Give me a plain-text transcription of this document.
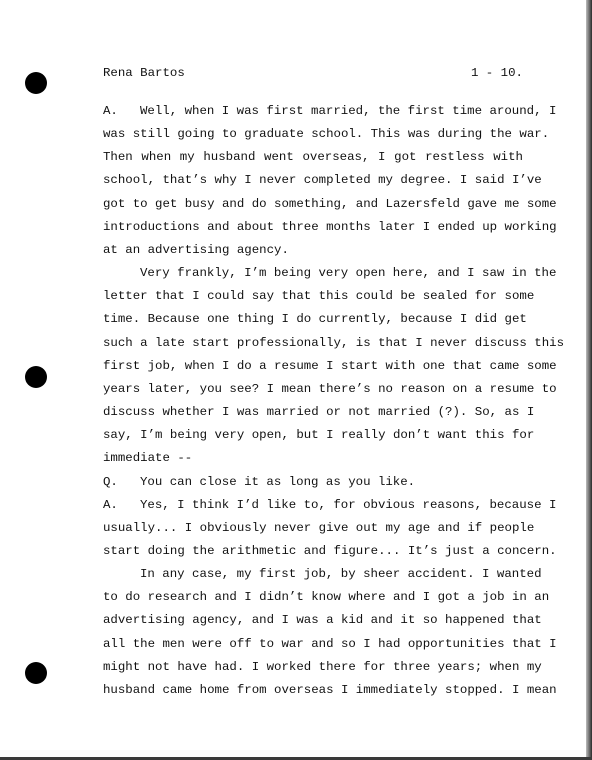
Rena Bartos	1 - 10.
A. Well, when I was first married, the first time around, I
was still going to graduate school. This was during the war.
Then when my husband went overseas, I got restless with
school, that’s why I never completed my degree. I said I’ve
got to get busy and do something, and Lazersfeld gave me some
introductions and about three months later I ended up working
at an advertising agency.
Very frankly, I’m being very open here, and I saw in the
letter that I could say that this could be sealed for some
time. Because one thing I do currently, because I did get
such a late start professionally, is that I never discuss this
first job, when I do a resume I start with one that came some
years later, you see? I mean there’s no reason on a resume to
discuss whether I was married or not married (?). So, as I
say, I’m being very open, but I really don’t want this for
immediate --
Q. You can close it as long as you like.
A. Yes, I think I’d like to, for obvious reasons, because I
usually... I obviously never give out my age and if people
start doing the arithmetic and figure... It’s just a concern.
In any case, my first job, by sheer accident. I wanted
to do research and I didn’t know where and I got a job in an
advertising agency, and I was a kid and it so happened that
all the men were off to war and so I had opportunities that I
might not have had. I worked there for three years; when my
husband came home from overseas I immediately stopped. I mean
